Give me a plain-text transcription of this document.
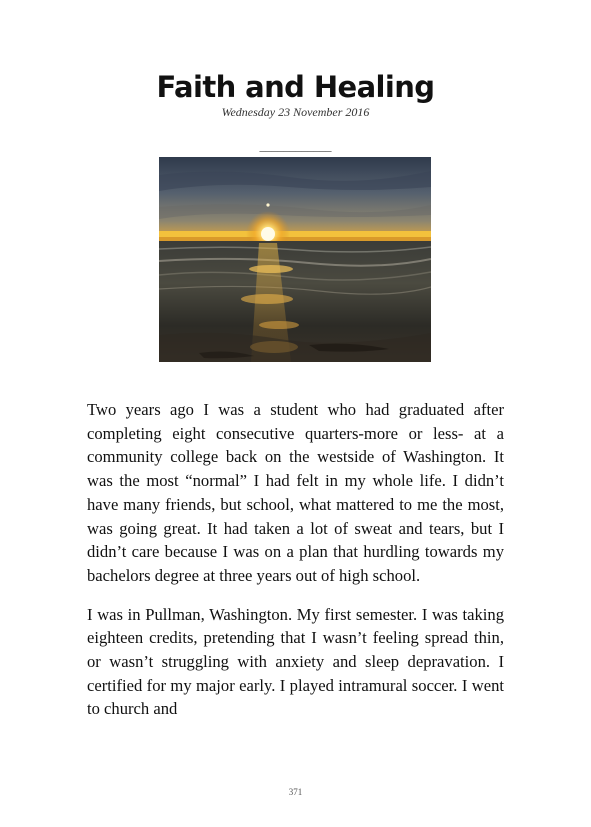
Faith and Healing
Wednesday 23 November 2016
____________

Two years ago I was a student who had graduated after completing eight consecutive quarters-more or less- at a community college back on the westside of Washington. It was the most “normal” I had felt in my whole life. I didn’t have many friends, but school, what mattered to me the most, was going great. It had taken a lot of sweat and tears, but I didn’t care because I was on a plan that hurdling towards my bachelors degree at three years out of high school.

I was in Pullman, Washington. My first semester. I was taking eighteen credits, pretending that I wasn’t feeling spread thin, or wasn’t struggling with anxiety and sleep depravation. I certified for my major early. I played intramural soccer. I went to church and

371
